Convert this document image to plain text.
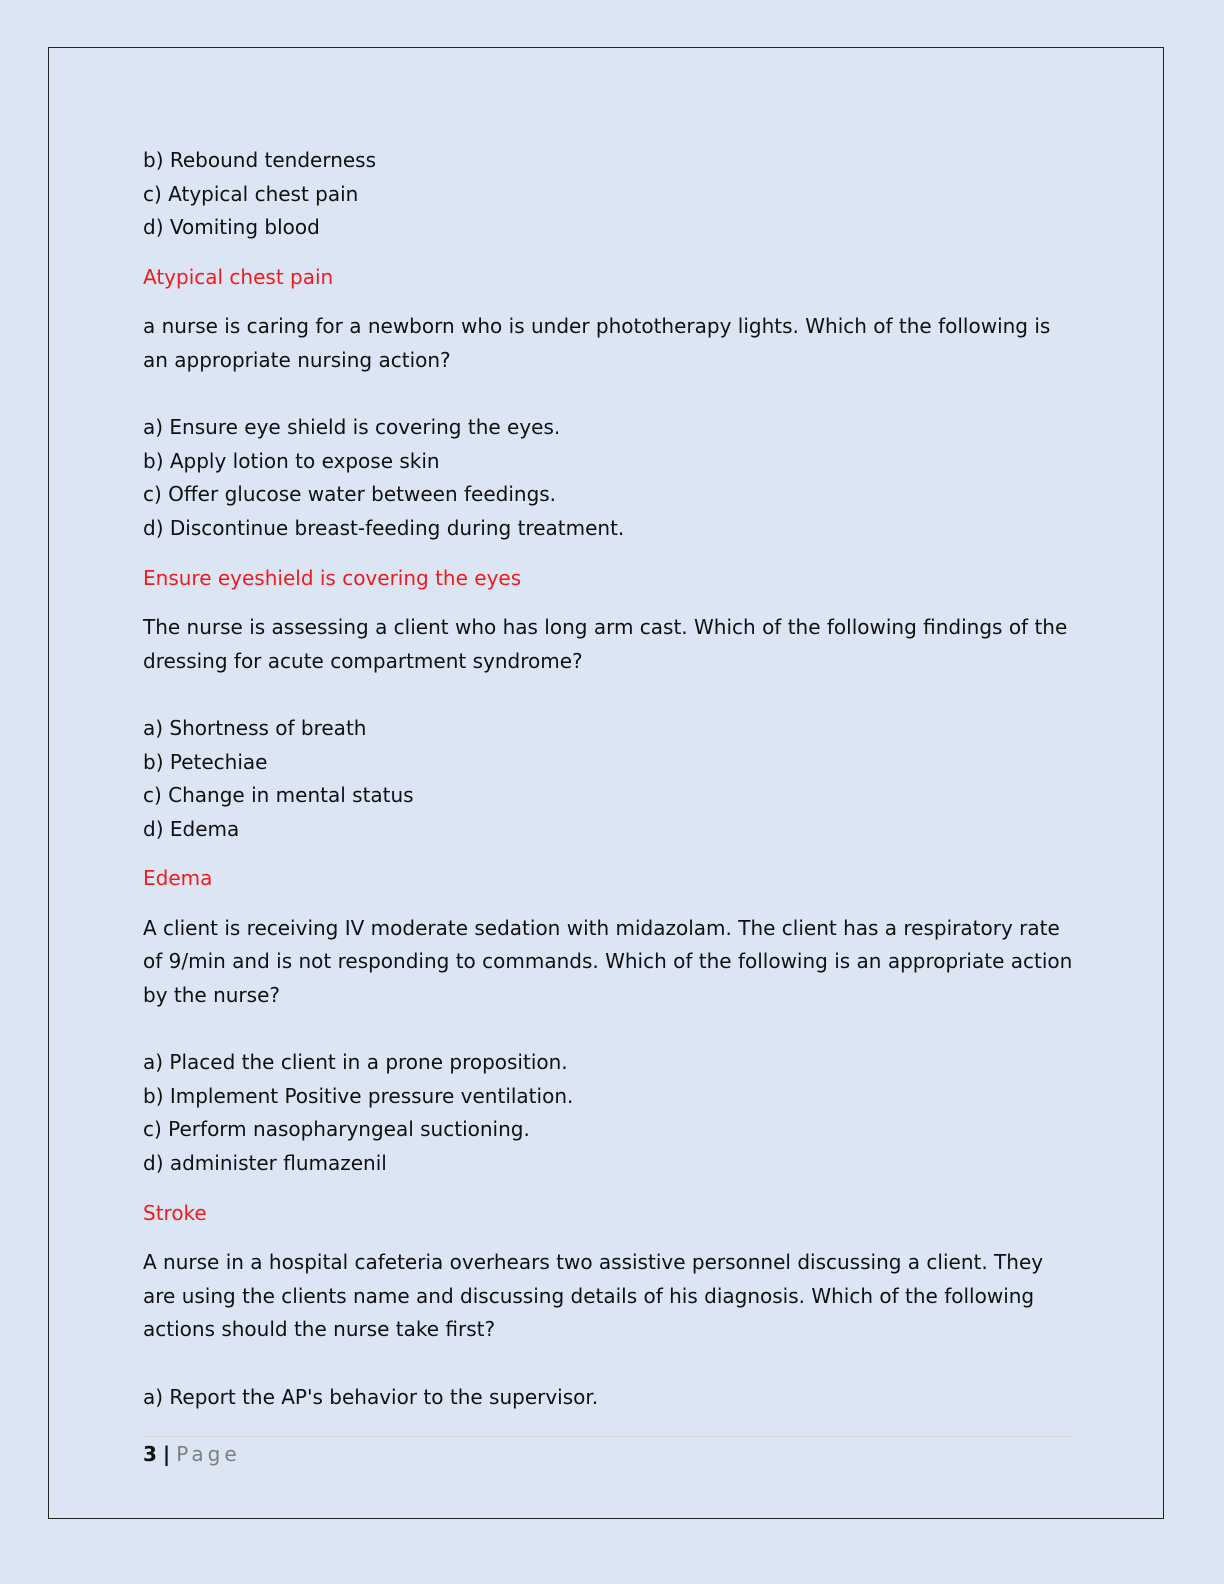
b) Rebound tenderness

c) Atypical chest pain

d) Vomiting blood

Atypical chest pain

a nurse is caring for a newborn who is under phototherapy lights. Which of the following is an appropriate nursing action?

a) Ensure eye shield is covering the eyes.

b) Apply lotion to expose skin

c) Offer glucose water between feedings.

d) Discontinue breast-feeding during treatment.

Ensure eyeshield is covering the eyes

The nurse is assessing a client who has long arm cast. Which of the following findings of the dressing for acute compartment syndrome?

a) Shortness of breath

b) Petechiae

c) Change in mental status

d) Edema

Edema

A client is receiving IV moderate sedation with midazolam. The client has a respiratory rate of 9/min and is not responding to commands. Which of the following is an appropriate action by the nurse?

a) Placed the client in a prone proposition.

b) Implement Positive pressure ventilation.

c) Perform nasopharyngeal suctioning.

d) administer flumazenil

Stroke

A nurse in a hospital cafeteria overhears two assistive personnel discussing a client. They are using the clients name and discussing details of his diagnosis. Which of the following actions should the nurse take first?

a) Report the AP's behavior to the supervisor.

3 | Page
